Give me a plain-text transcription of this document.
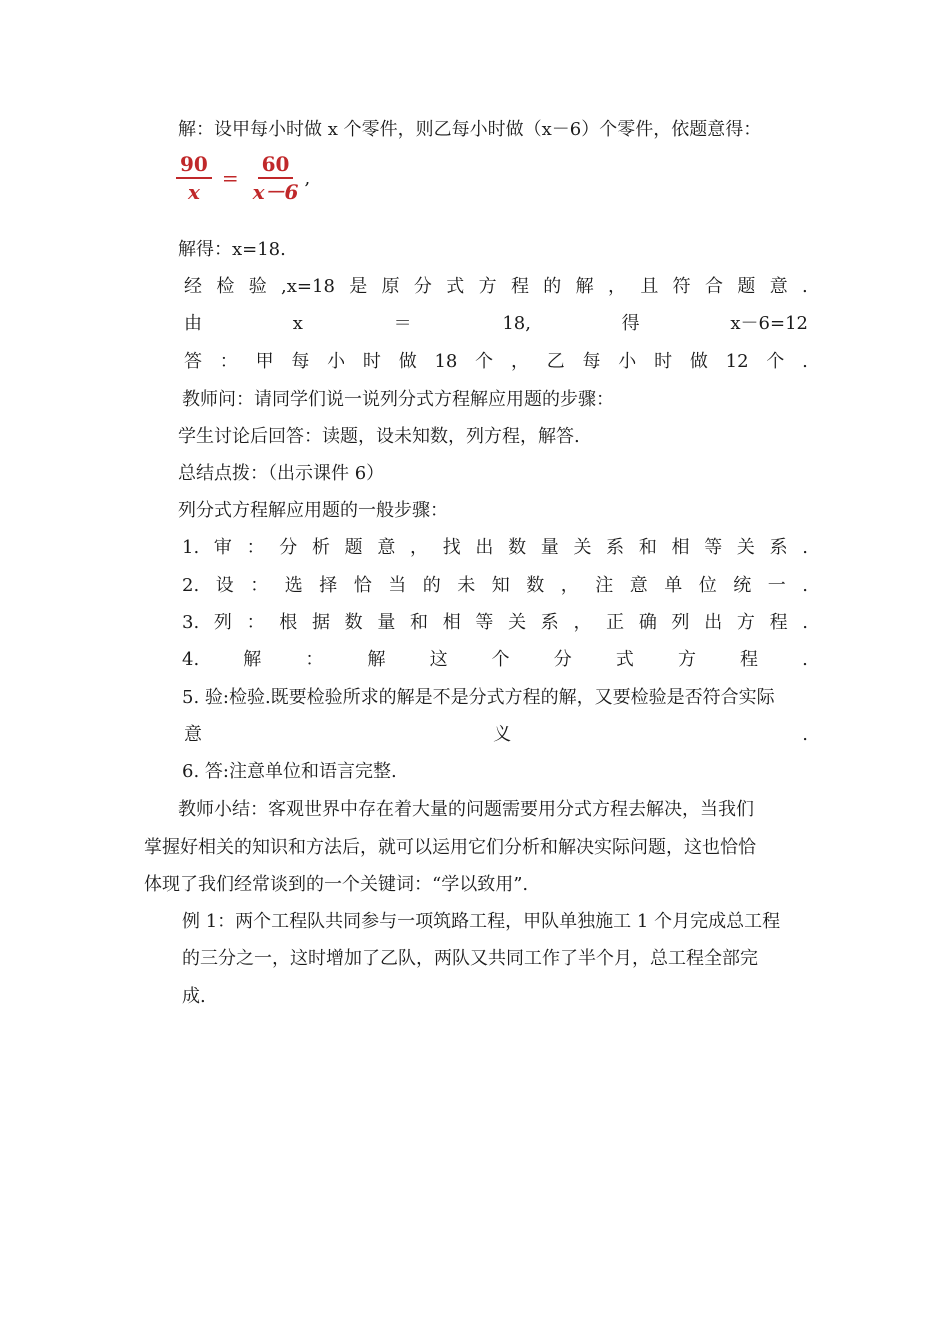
解：设甲每小时做 x 个零件，则乙每小时做（x－6）个零件，依题意得：

$\frac{90}{x} = \frac{60}{x-6}$ ,

解得：x=18.

经 检 验 ,x=18 是 原 分 式 方 程 的 解 ， 且 符 合 题 意 .
由	x	＝	18,	得	x－6=12
答 ： 甲 每 小 时 做 18 个 ， 乙 每 小 时 做 12 个 .

教师问：请同学们说一说列分式方程解应用题的步骤：

学生讨论后回答：读题，设未知数，列方程，解答.

总结点拨：（出示课件 6）

列分式方程解应用题的一般步骤：

1. 审 ： 分 析 题 意 ， 找 出 数 量 关 系 和 相 等 关 系 .
2. 设 ： 选 择 恰 当 的 未 知 数 ， 注 意 单 位 统 一 .
3. 列 ： 根 据 数 量 和 相 等 关 系 ， 正 确 列 出 方 程 .
4. 解 ： 解 这 个 分 式 方 程 .

5. 验:检验.既要检验所求的解是不是分式方程的解，又要检验是否符合实际

意	义	.

6. 答:注意单位和语言完整.

教师小结：客观世界中存在着大量的问题需要用分式方程去解决，当我们

掌握好相关的知识和方法后，就可以运用它们分析和解决实际问题，这也恰恰

体现了我们经常谈到的一个关键词：“学以致用”.

例 1：两个工程队共同参与一项筑路工程，甲队单独施工 1 个月完成总工程

的三分之一，这时增加了乙队，两队又共同工作了半个月，总工程全部完

成.
